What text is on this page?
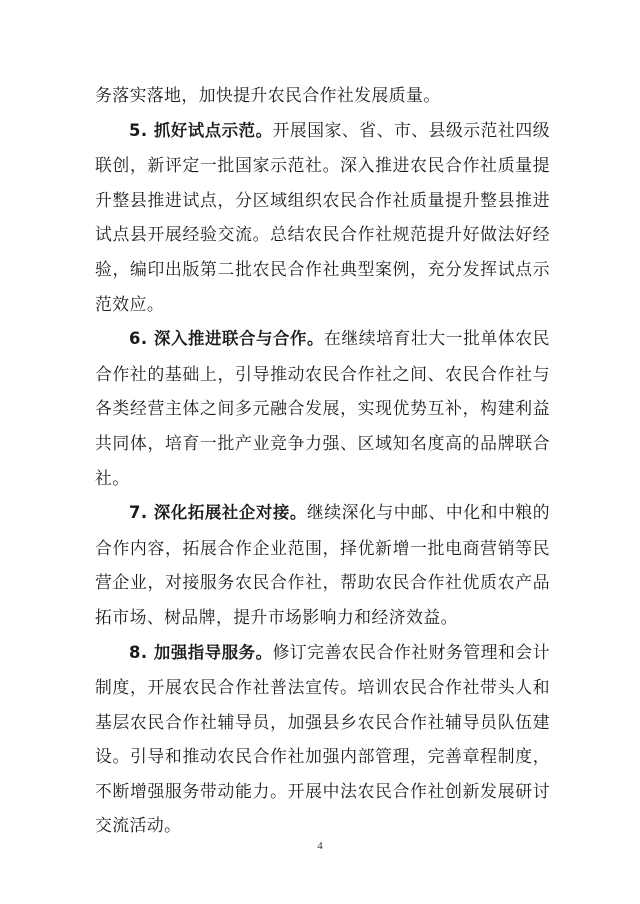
务落实落地，加快提升农民合作社发展质量。

5. 抓好试点示范。开展国家、省、市、县级示范社四级联创，新评定一批国家示范社。深入推进农民合作社质量提升整县推进试点，分区域组织农民合作社质量提升整县推进试点县开展经验交流。总结农民合作社规范提升好做法好经验，编印出版第二批农民合作社典型案例，充分发挥试点示范效应。

6. 深入推进联合与合作。在继续培育壮大一批单体农民合作社的基础上，引导推动农民合作社之间、农民合作社与各类经营主体之间多元融合发展，实现优势互补，构建利益共同体，培育一批产业竞争力强、区域知名度高的品牌联合社。

7. 深化拓展社企对接。继续深化与中邮、中化和中粮的合作内容，拓展合作企业范围，择优新增一批电商营销等民营企业，对接服务农民合作社，帮助农民合作社优质农产品拓市场、树品牌，提升市场影响力和经济效益。

8. 加强指导服务。修订完善农民合作社财务管理和会计制度，开展农民合作社普法宣传。培训农民合作社带头人和基层农民合作社辅导员，加强县乡农民合作社辅导员队伍建设。引导和推动农民合作社加强内部管理，完善章程制度，不断增强服务带动能力。开展中法农民合作社创新发展研讨交流活动。

4
